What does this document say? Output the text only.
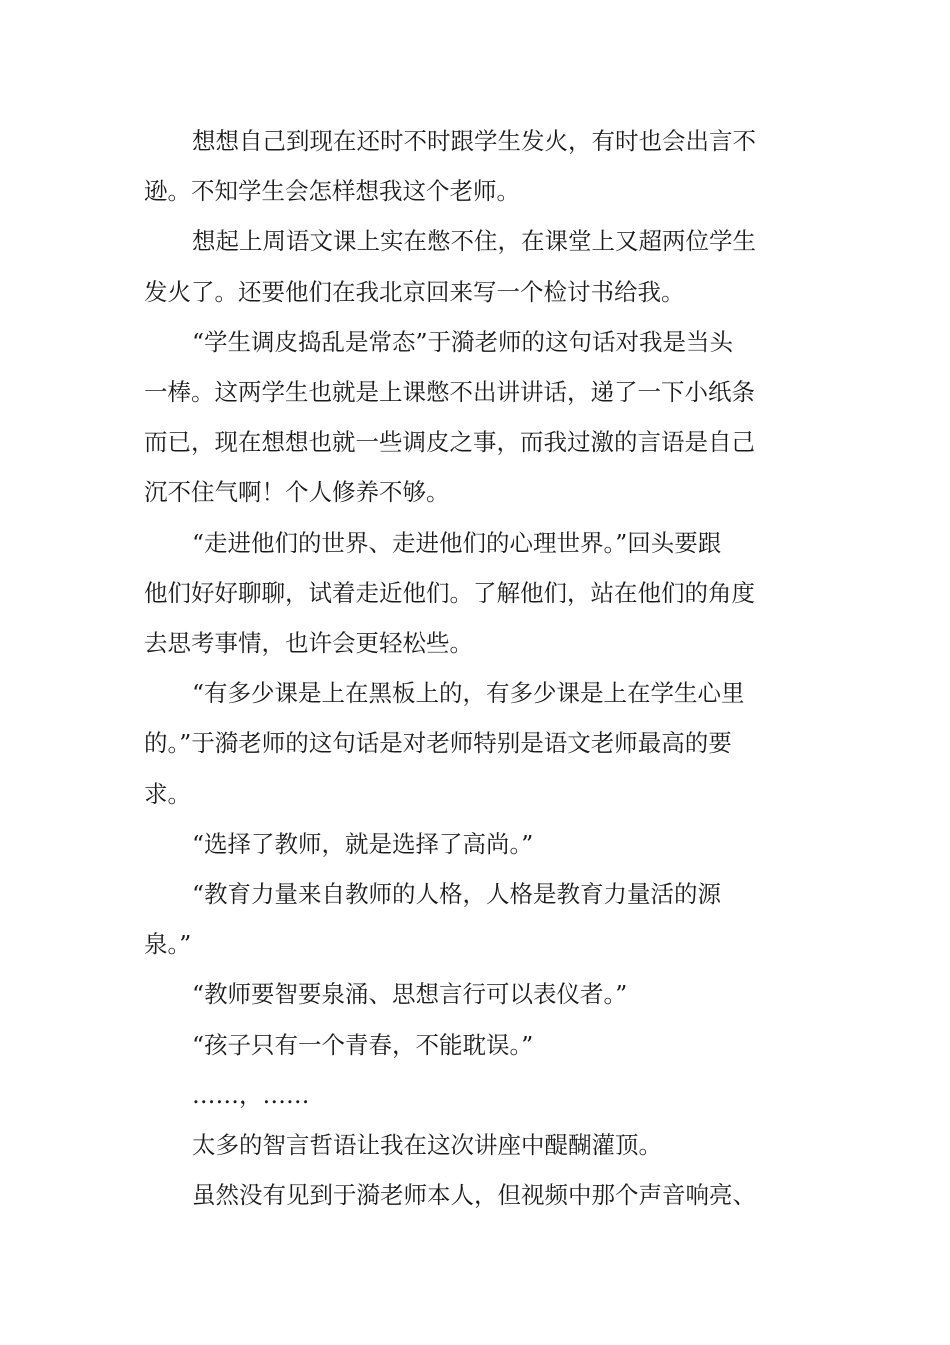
想想自己到现在还时不时跟学生发火，有时也会出言不
逊。不知学生会怎样想我这个老师。

想起上周语文课上实在憋不住，在课堂上又超两位学生
发火了。还要他们在我北京回来写一个检讨书给我。

“学生调皮捣乱是常态”于漪老师的这句话对我是当头
一棒。这两学生也就是上课憋不出讲讲话，递了一下小纸条
而已，现在想想也就一些调皮之事，而我过激的言语是自己
沉不住气啊！个人修养不够。

“走进他们的世界、走进他们的心理世界。”回头要跟
他们好好聊聊，试着走近他们。了解他们，站在他们的角度
去思考事情，也许会更轻松些。

“有多少课是上在黑板上的，有多少课是上在学生心里
的。”于漪老师的这句话是对老师特别是语文老师最高的要
求。

“选择了教师，就是选择了高尚。”

“教育力量来自教师的人格，人格是教育力量活的源
泉。”

“教师要智要泉涌、思想言行可以表仪者。”

“孩子只有一个青春，不能耽误。”

……，……

太多的智言哲语让我在这次讲座中醍醐灌顶。

虽然没有见到于漪老师本人，但视频中那个声音响亮、
